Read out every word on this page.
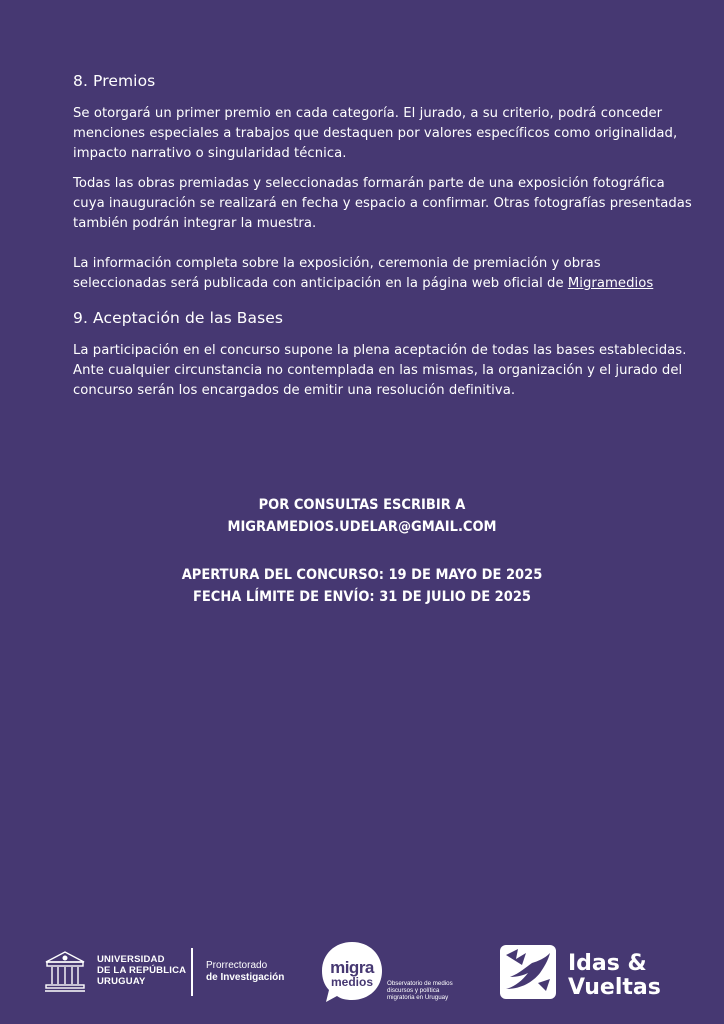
8. Premios

Se otorgará un primer premio en cada categoría. El jurado, a su criterio, podrá conceder menciones especiales a trabajos que destaquen por valores específicos como originalidad, impacto narrativo o singularidad técnica.

Todas las obras premiadas y seleccionadas formarán parte de una exposición fotográfica cuya inauguración se realizará en fecha y espacio a confirmar. Otras fotografías presentadas también podrán integrar la muestra.

La información completa sobre la exposición, ceremonia de premiación y obras seleccionadas será publicada con anticipación en la página web oficial de Migramedios

9. Aceptación de las Bases

La participación en el concurso supone la plena aceptación de todas las bases establecidas. Ante cualquier circunstancia no contemplada en las mismas, la organización y el jurado del concurso serán los encargados de emitir una resolución definitiva.

POR CONSULTAS ESCRIBIR A
MIGRAMEDIOS.UDELAR@GMAIL.COM
APERTURA DEL CONCURSO: 19 DE MAYO DE 2025
FECHA LÍMITE DE ENVÍO: 31 DE JULIO DE 2025
UNIVERSIDAD
DE LA REPÚBLICA
URUGUAY
Prorrectorado
de Investigación
migra
medios	Observatorio de medios
discursos y política
migratoria en Uruguay
Idas &
Vueltas
